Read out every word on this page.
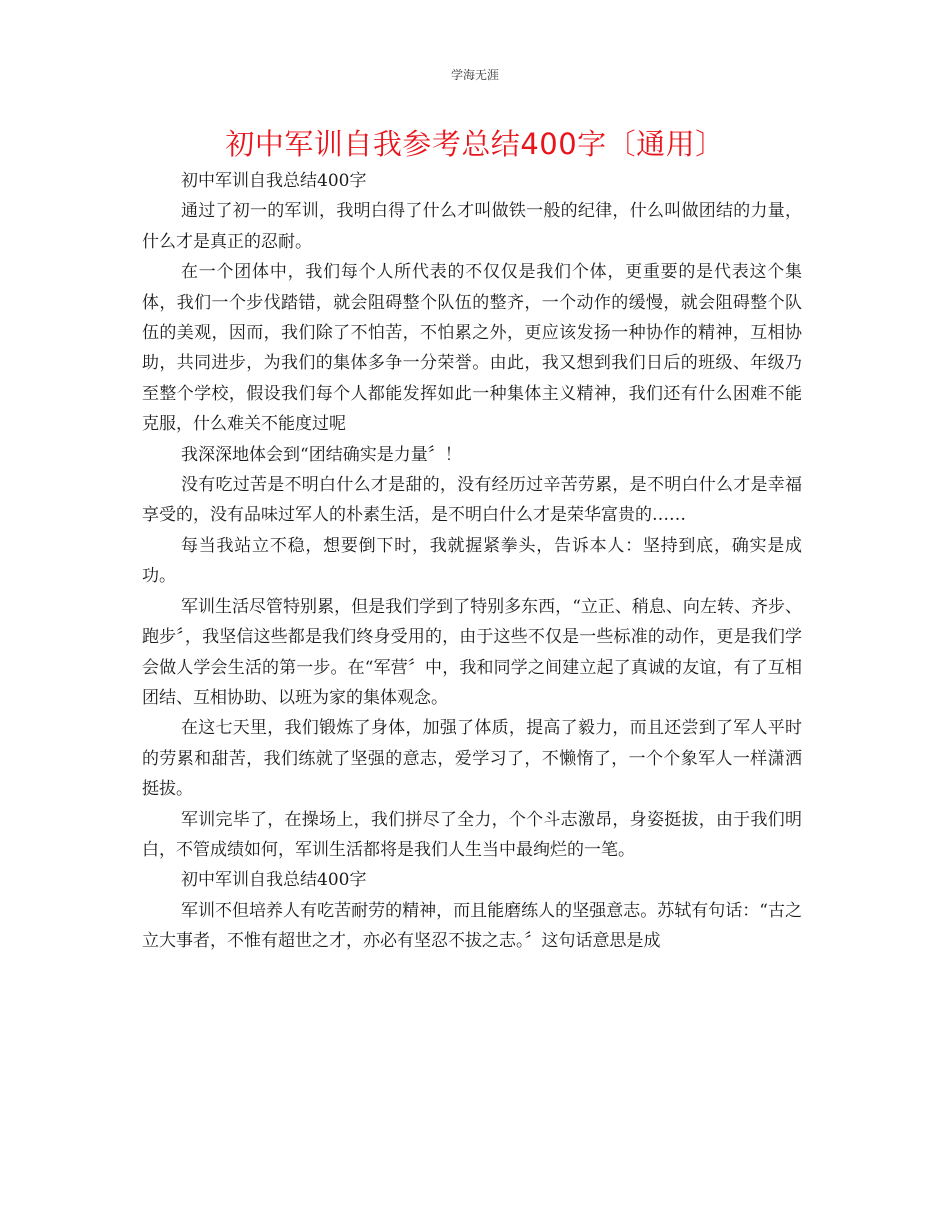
学海无涯
初中军训自我参考总结400字〔通用〕

初中军训自我总结400字

通过了初一的军训，我明白得了什么才叫做铁一般的纪律，什么叫做团结的力量，什么才是真正的忍耐。

在一个团体中，我们每个人所代表的不仅仅是我们个体，更重要的是代表这个集体，我们一个步伐踏错，就会阻碍整个队伍的整齐，一个动作的缓慢，就会阻碍整个队伍的美观，因而，我们除了不怕苦，不怕累之外，更应该发扬一种协作的精神，互相协助，共同进步，为我们的集体多争一分荣誉。由此，我又想到我们日后的班级、年级乃至整个学校，假设我们每个人都能发挥如此一种集体主义精神，我们还有什么困难不能克服，什么难关不能度过呢

我深深地体会到“团结确实是力量〞！

没有吃过苦是不明白什么才是甜的，没有经历过辛苦劳累，是不明白什么才是幸福享受的，没有品味过军人的朴素生活，是不明白什么才是荣华富贵的……

每当我站立不稳，想要倒下时，我就握紧拳头，告诉本人：坚持到底，确实是成功。

军训生活尽管特别累，但是我们学到了特别多东西，“立正、稍息、向左转、齐步、跑步〞，我坚信这些都是我们终身受用的，由于这些不仅是一些标准的动作，更是我们学会做人学会生活的第一步。在“军营〞中，我和同学之间建立起了真诚的友谊，有了互相团结、互相协助、以班为家的集体观念。

在这七天里，我们锻炼了身体，加强了体质，提高了毅力，而且还尝到了军人平时的劳累和甜苦，我们练就了坚强的意志，爱学习了，不懒惰了，一个个象军人一样潇洒挺拔。

军训完毕了，在操场上，我们拼尽了全力，个个斗志激昂，身姿挺拔，由于我们明白，不管成绩如何，军训生活都将是我们人生当中最绚烂的一笔。

初中军训自我总结400字

军训不但培养人有吃苦耐劳的精神，而且能磨练人的坚强意志。苏轼有句话：“古之立大事者，不惟有超世之才，亦必有坚忍不拔之志。〞这句话意思是成
